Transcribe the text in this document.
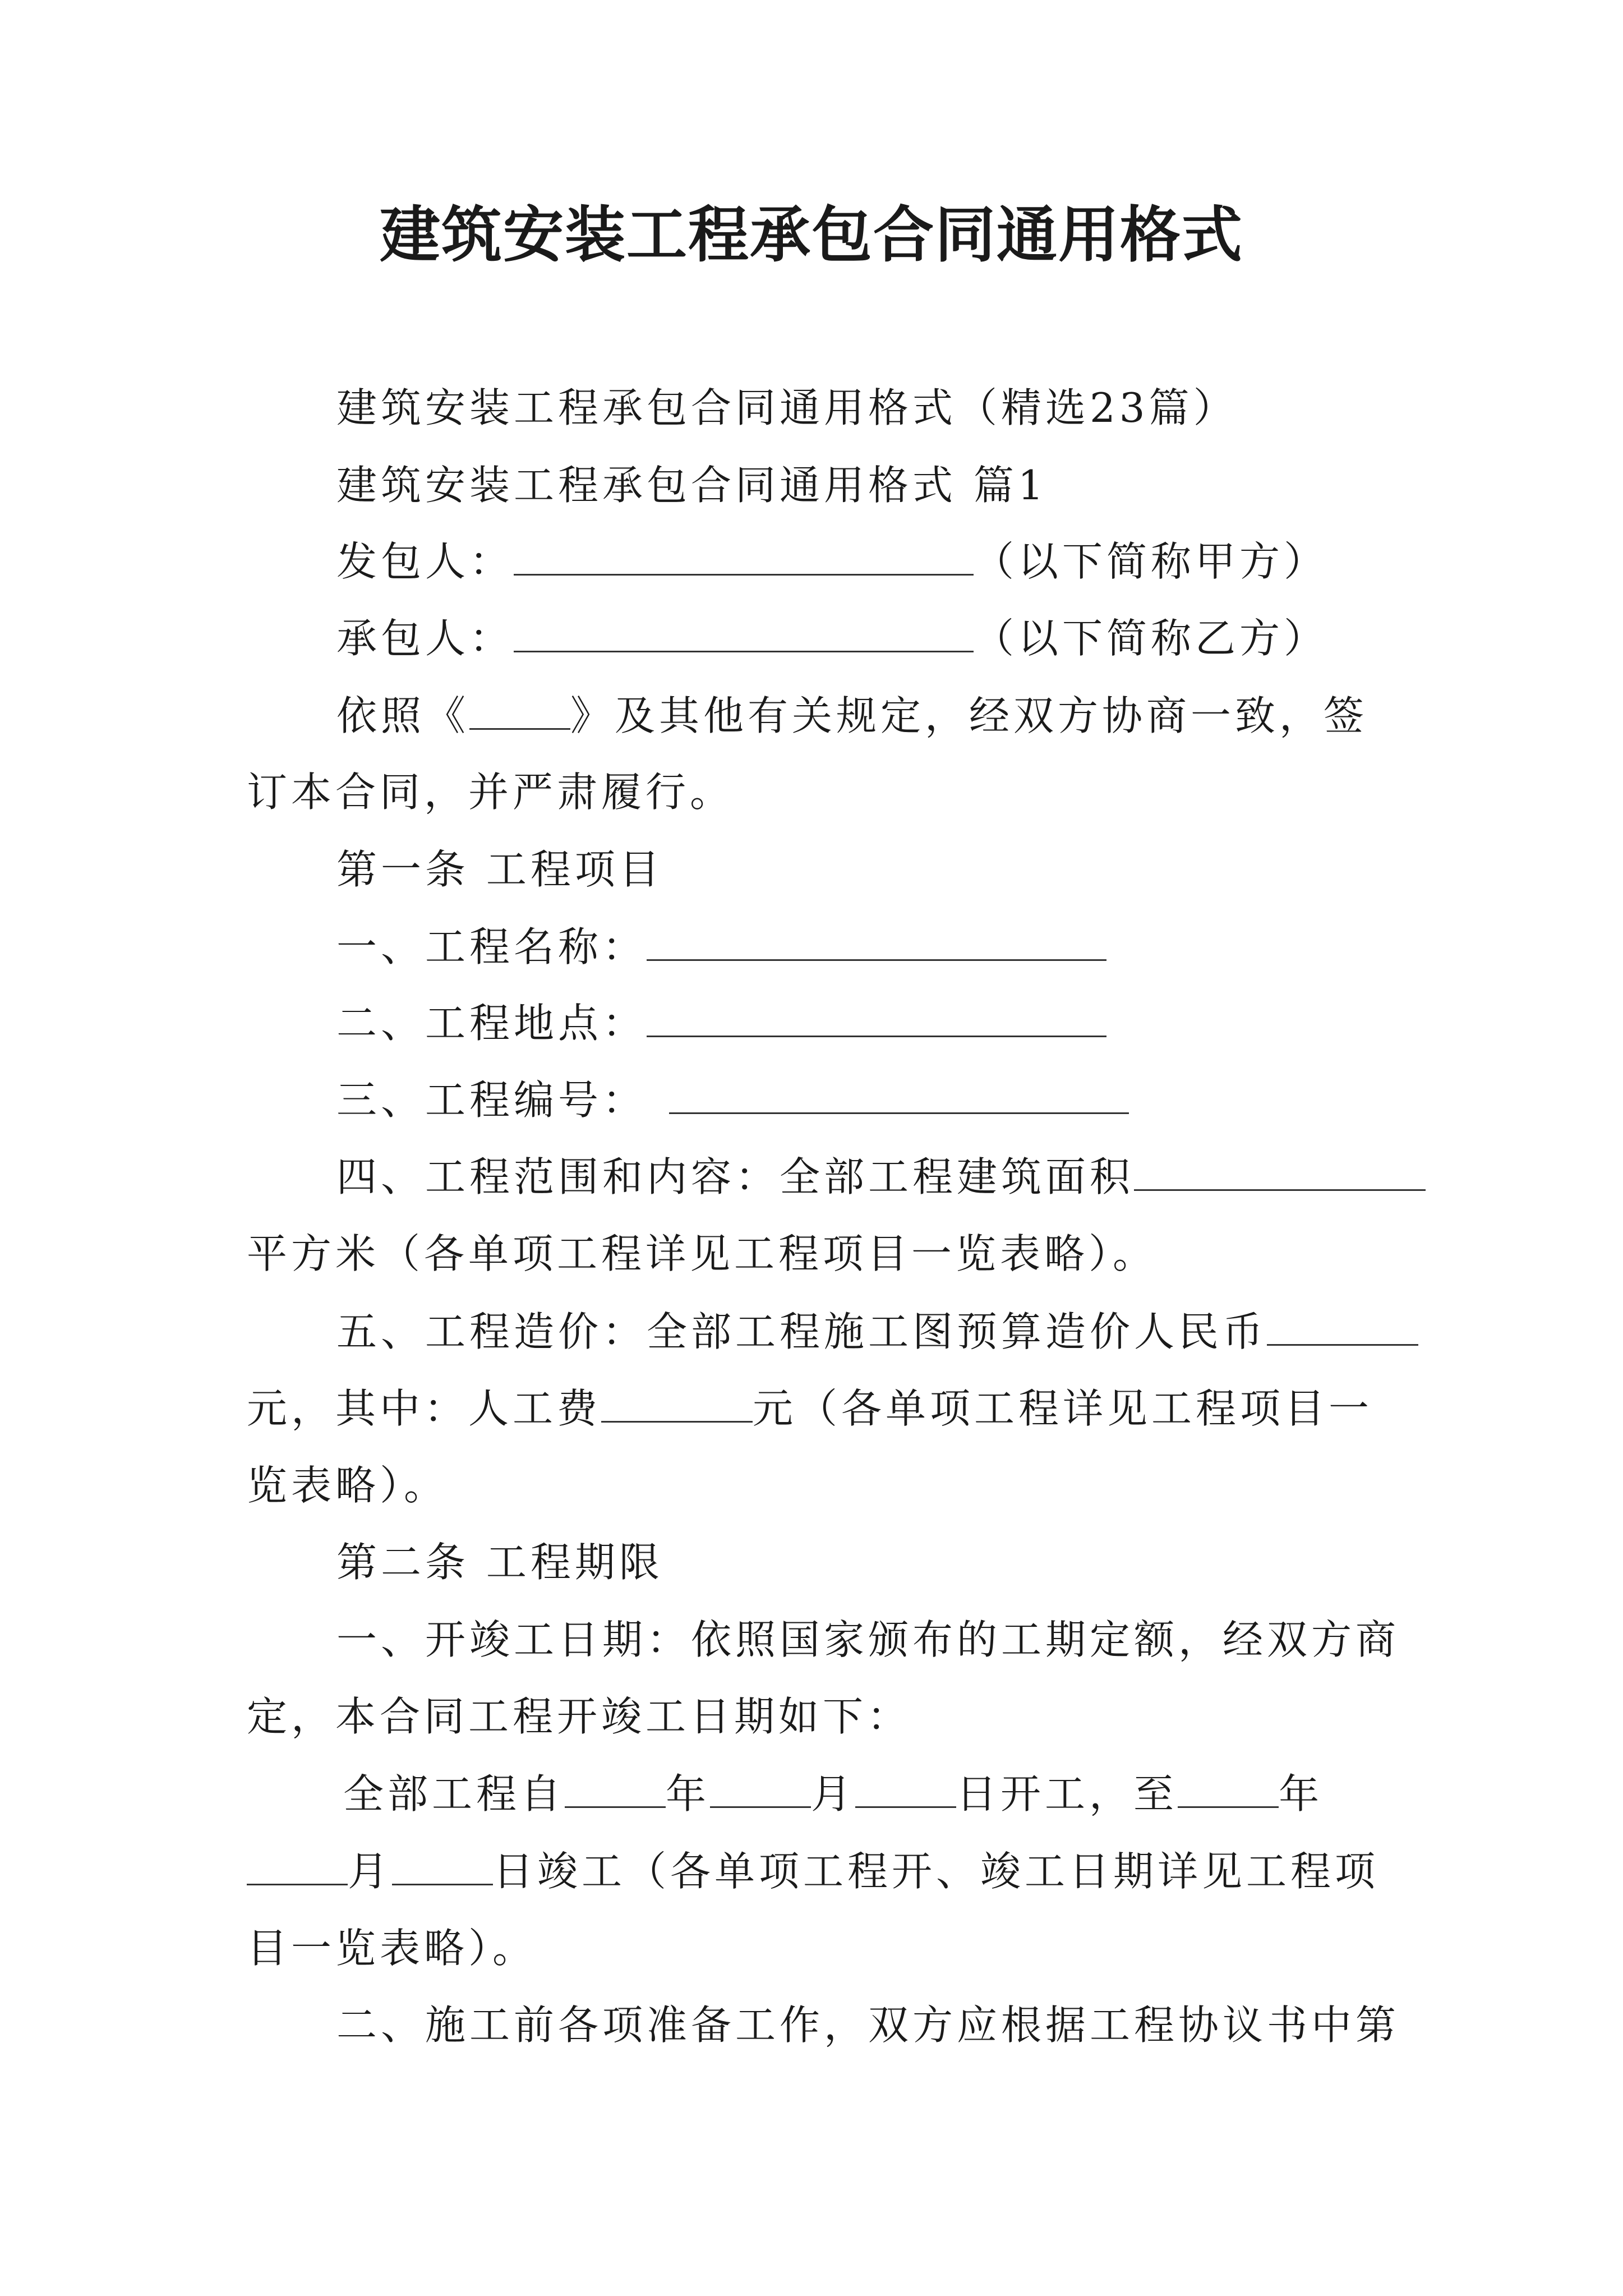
建筑安装工程承包合同通用格式
建筑安装工程承包合同通用格式（精选23篇）
建筑安装工程承包合同通用格式 篇1
发包人：	（以下简称甲方）
承包人：	（以下简称乙方）
依照《	》及其他有关规定，经双方协商一致，签
订本合同，并严肃履行。
第一条 工程项目
一、工程名称：
二、工程地点：
三、工程编号：
四、工程范围和内容：全部工程建筑面积
平方米（各单项工程详见工程项目一览表略）。
五、工程造价：全部工程施工图预算造价人民币
元，其中：人工费	元（各单项工程详见工程项目一
览表略）。
第二条 工程期限
一、开竣工日期：依照国家颁布的工期定额，经双方商
定，本合同工程开竣工日期如下：
全部工程自	年	月	日开工，至	年
月	日竣工（各单项工程开、竣工日期详见工程项
目一览表略）。
二、施工前各项准备工作，双方应根据工程协议书中第
